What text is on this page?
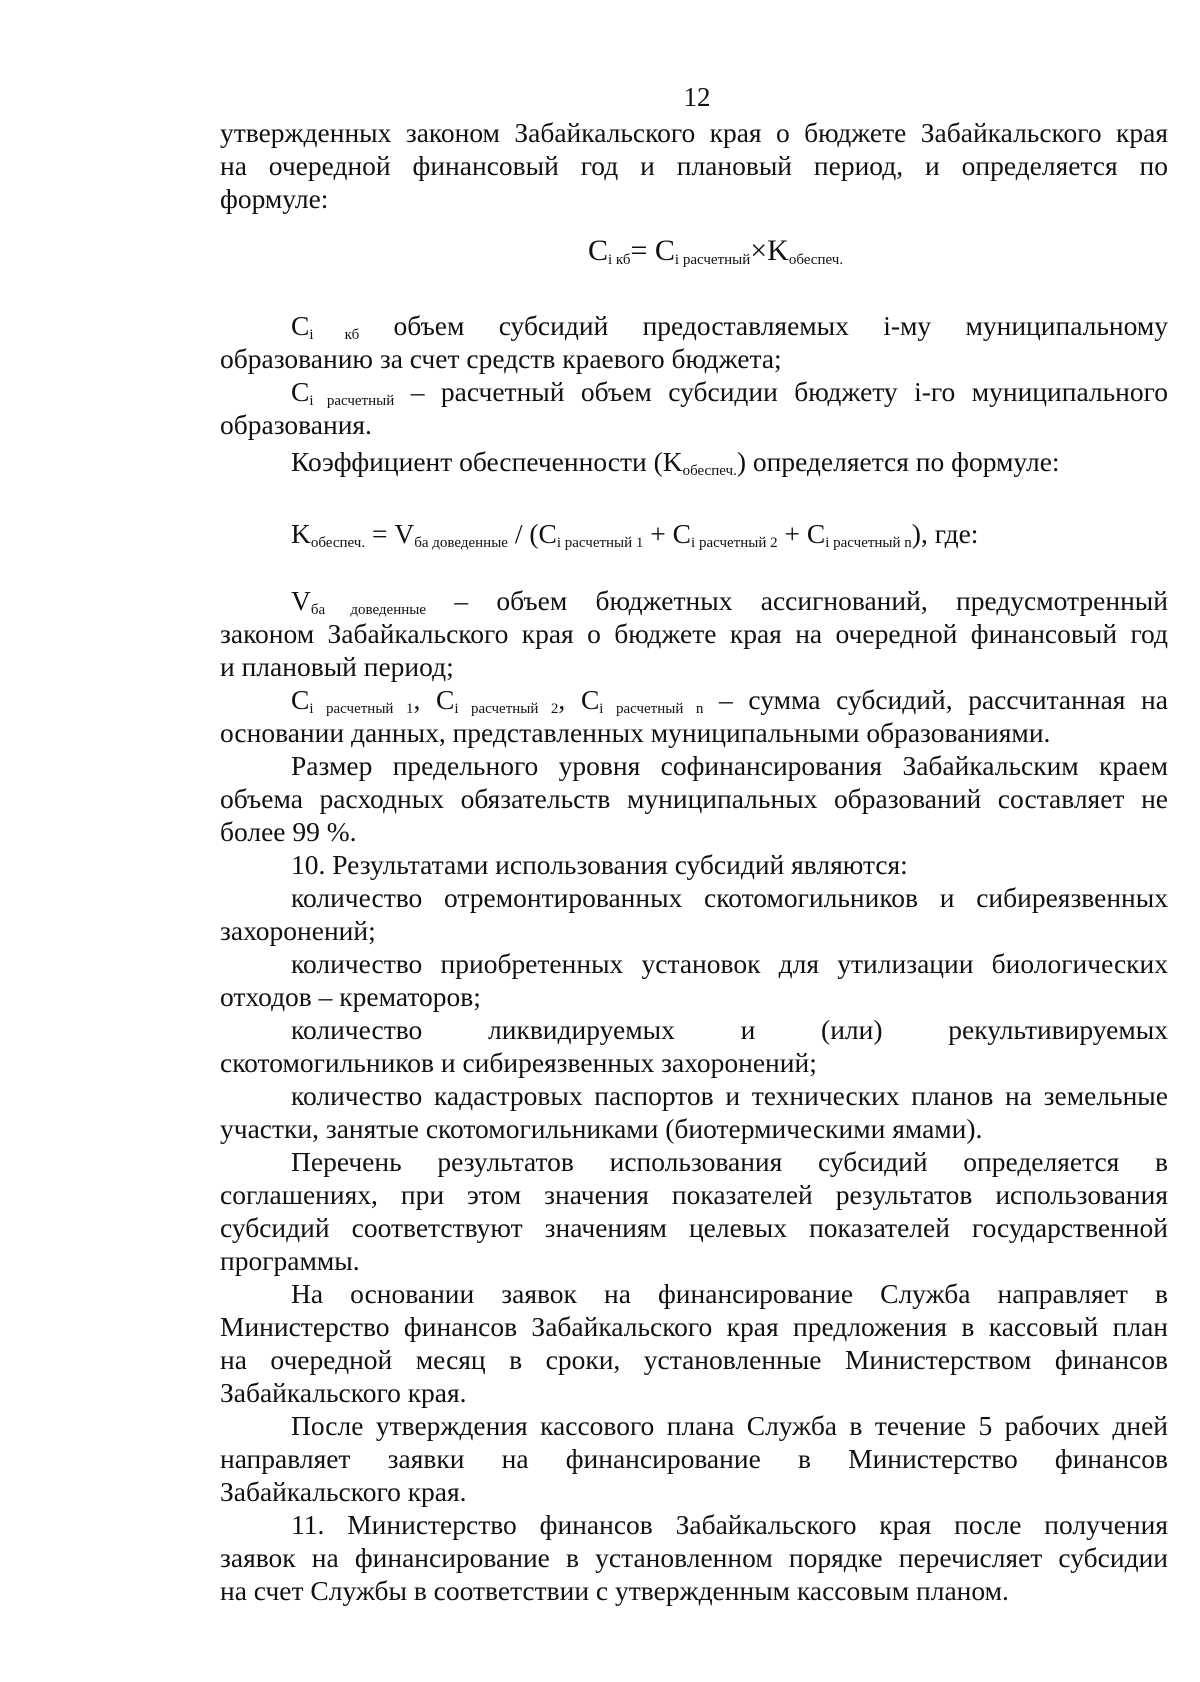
12
утвержденных законом Забайкальского края о бюджете Забайкальского края
на очередной финансовый год и плановый период, и определяется по
формуле:
$C_{i кб}= C_{i расчетный}\times K_{обеспеч.}$
$C_{i кб}$ объем субсидий предоставляемых i-му муниципальному
образованию за счет средств краевого бюджета;
$C_{i расчетный}$ – расчетный объем субсидии бюджету i-го муниципального
образования.
Коэффициент обеспеченности $(K_{обеспеч.})$ определяется по формуле:
$K_{обеспеч.} = V_{ба доведенные} / (C_{i расчетный 1} + C_{i расчетный 2} + C_{i расчетный n})$, где:
$V_{ба доведенные}$ – объем бюджетных ассигнований, предусмотренный
законом Забайкальского края о бюджете края на очередной финансовый год
и плановый период;
$C_{i расчетный 1}$, $C_{i расчетный 2}$, $C_{i расчетный n}$ – сумма субсидий, рассчитанная на
основании данных, представленных муниципальными образованиями.
Размер предельного уровня софинансирования Забайкальским краем
объема расходных обязательств муниципальных образований составляет не
более 99 %.
10. Результатами использования субсидий являются:
количество отремонтированных скотомогильников и сибиреязвенных
захоронений;
количество приобретенных установок для утилизации биологических
отходов – крематоров;
количество ликвидируемых и (или) рекультивируемых
скотомогильников и сибиреязвенных захоронений;
количество кадастровых паспортов и технических планов на земельные
участки, занятые скотомогильниками (биотермическими ямами).
Перечень результатов использования субсидий определяется в
соглашениях, при этом значения показателей результатов использования
субсидий соответствуют значениям целевых показателей государственной
программы.
На основании заявок на финансирование Служба направляет в
Министерство финансов Забайкальского края предложения в кассовый план
на очередной месяц в сроки, установленные Министерством финансов
Забайкальского края.
После утверждения кассового плана Служба в течение 5 рабочих дней
направляет заявки на финансирование в Министерство финансов
Забайкальского края.
11. Министерство финансов Забайкальского края после получения
заявок на финансирование в установленном порядке перечисляет субсидии
на счет Службы в соответствии с утвержденным кассовым планом.
